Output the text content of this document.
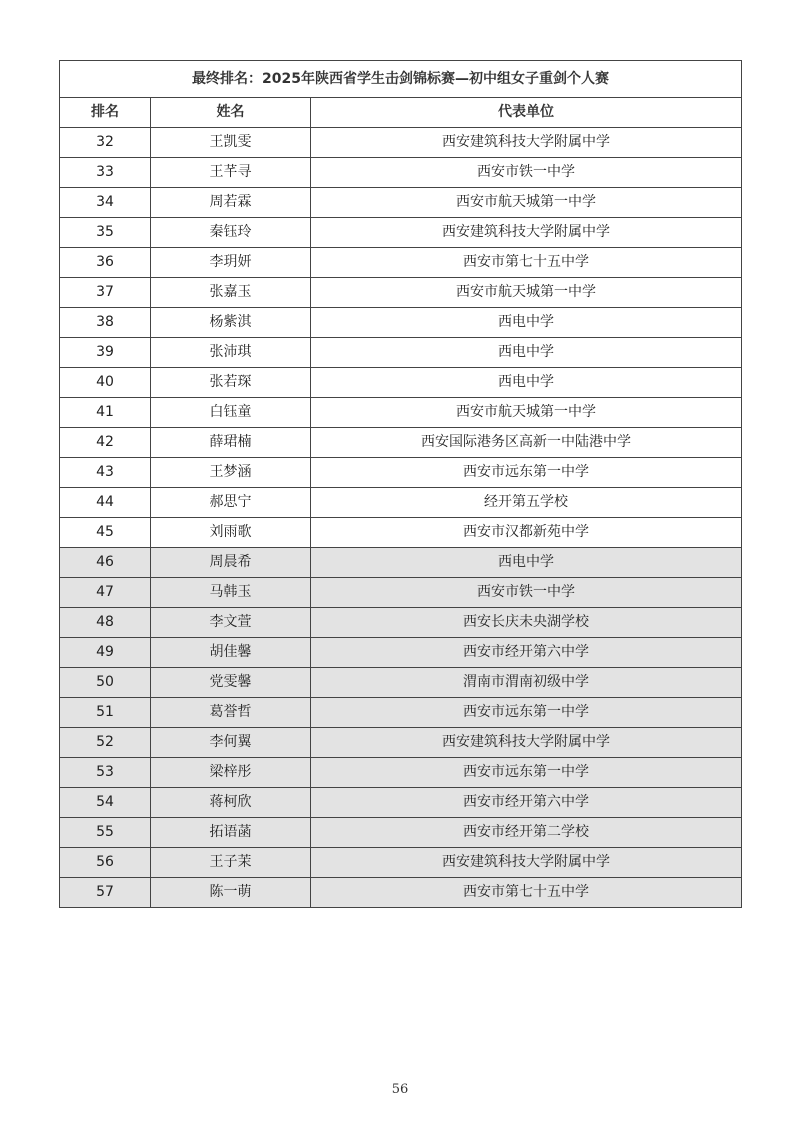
最终排名：2025年陕西省学生击剑锦标赛—初中组女子重剑个人赛		
排名	姓名	代表单位
32	王凯雯	西安建筑科技大学附属中学
33	王芊寻	西安市铁一中学
34	周若霖	西安市航天城第一中学
35	秦钰玲	西安建筑科技大学附属中学
36	李玥妍	西安市第七十五中学
37	张嘉玉	西安市航天城第一中学
38	杨紫淇	西电中学
39	张沛琪	西电中学
40	张若琛	西电中学
41	白钰童	西安市航天城第一中学
42	薛珺楠	西安国际港务区高新一中陆港中学
43	王梦涵	西安市远东第一中学
44	郝思宁	经开第五学校
45	刘雨歌	西安市汉都新苑中学
46	周晨希	西电中学
47	马韩玉	西安市铁一中学
48	李文萱	西安长庆未央湖学校
49	胡佳馨	西安市经开第六中学
50	党雯馨	渭南市渭南初级中学
51	葛誉哲	西安市远东第一中学
52	李何翼	西安建筑科技大学附属中学
53	梁梓彤	西安市远东第一中学
54	蒋柯欣	西安市经开第六中学
55	拓语菡	西安市经开第二学校
56	王子茉	西安建筑科技大学附属中学
57	陈一萌	西安市第七十五中学
56
